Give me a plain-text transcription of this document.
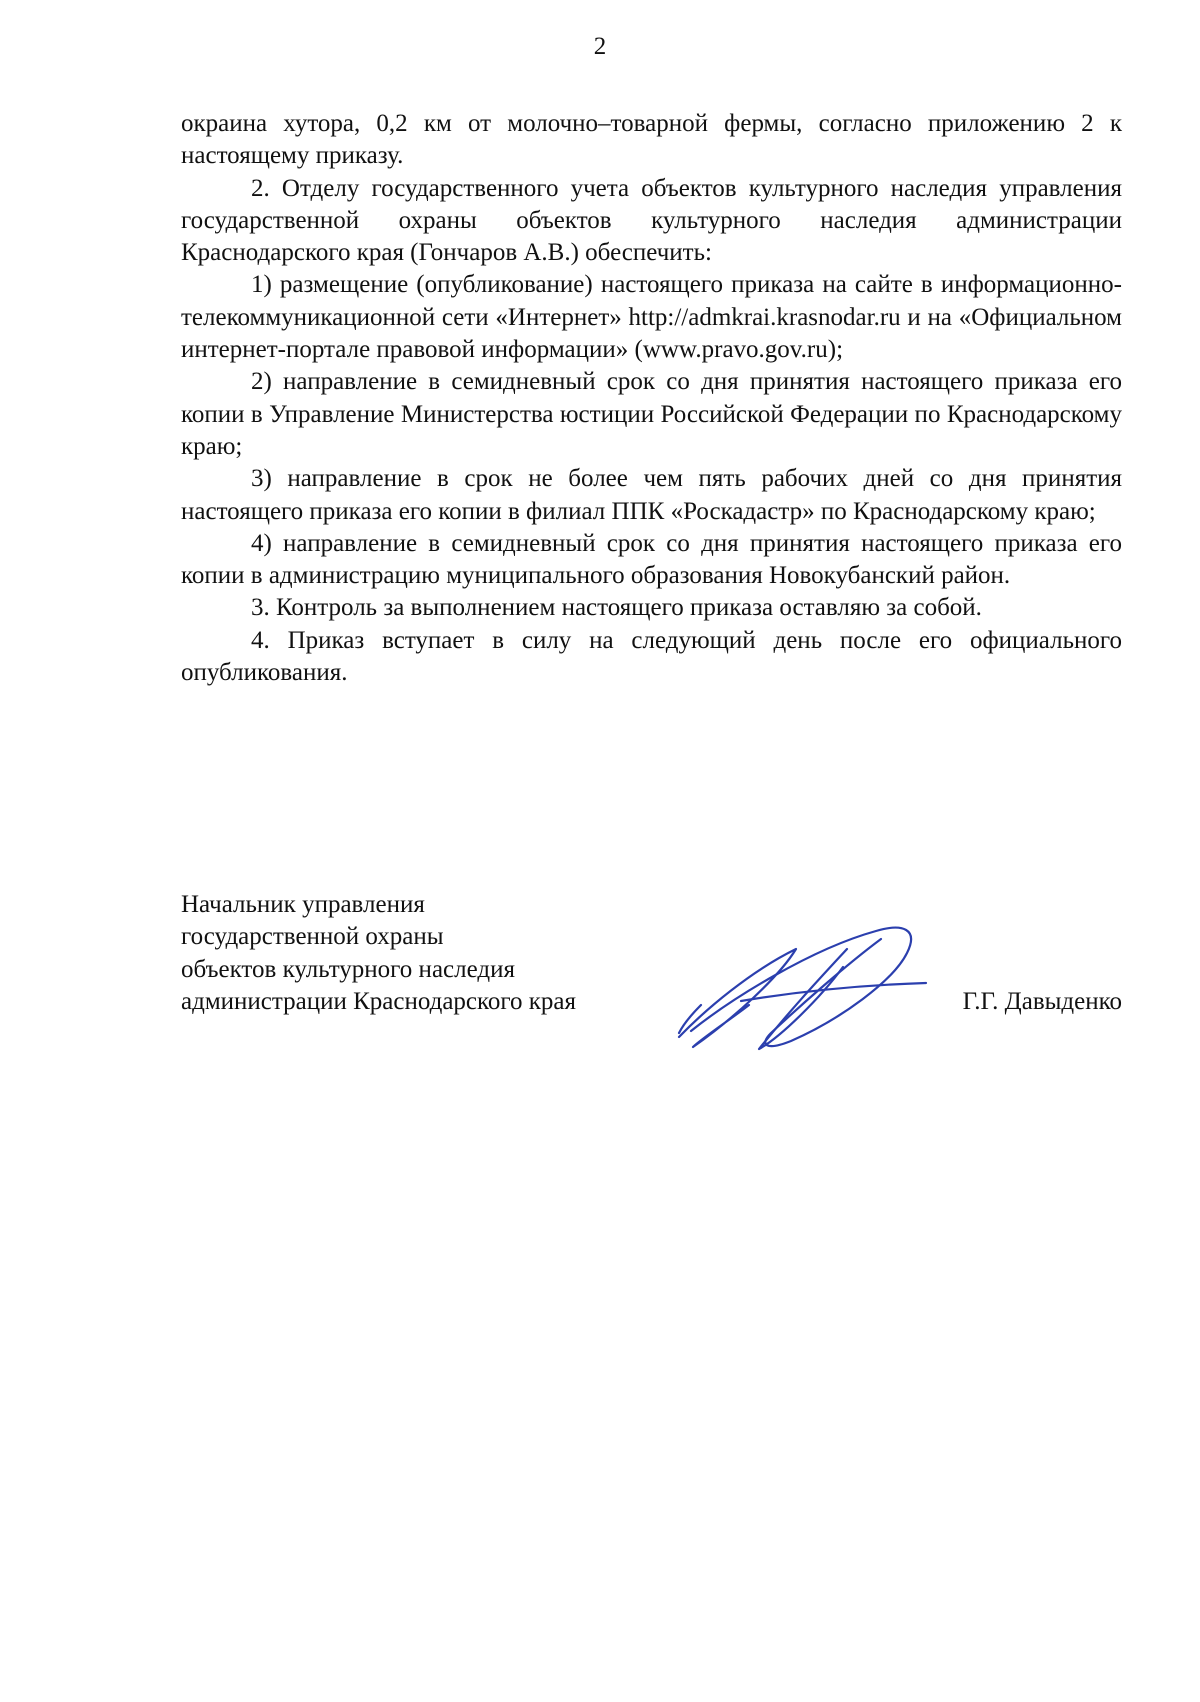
2

окраина хутора, 0,2 км от молочно–товарной фермы, согласно приложению 2 к настоящему приказу.

2. Отделу государственного учета объектов культурного наследия управления государственной охраны объектов культурного наследия администрации Краснодарского края (Гончаров А.В.) обеспечить:

1) размещение (опубликование) настоящего приказа на сайте в информационно-телекоммуникационной сети «Интернет» http://admkrai.krasnodar.ru и на «Официальном интернет-портале правовой информации» (www.pravo.gov.ru);

2) направление в семидневный срок со дня принятия настоящего приказа его копии в Управление Министерства юстиции Российской Федерации по Краснодарскому краю;

3) направление в срок не более чем пять рабочих дней со дня принятия настоящего приказа его копии в филиал ППК «Роскадастр» по Краснодарскому краю;

4) направление в семидневный срок со дня принятия настоящего приказа его копии в администрацию муниципального образования Новокубанский район.

3. Контроль за выполнением настоящего приказа оставляю за собой.

4. Приказ вступает в силу на следующий день после его официального опубликования.

Начальник управления
государственной охраны
объектов культурного наследия
администрации Краснодарского края	Г.Г. Давыденко
